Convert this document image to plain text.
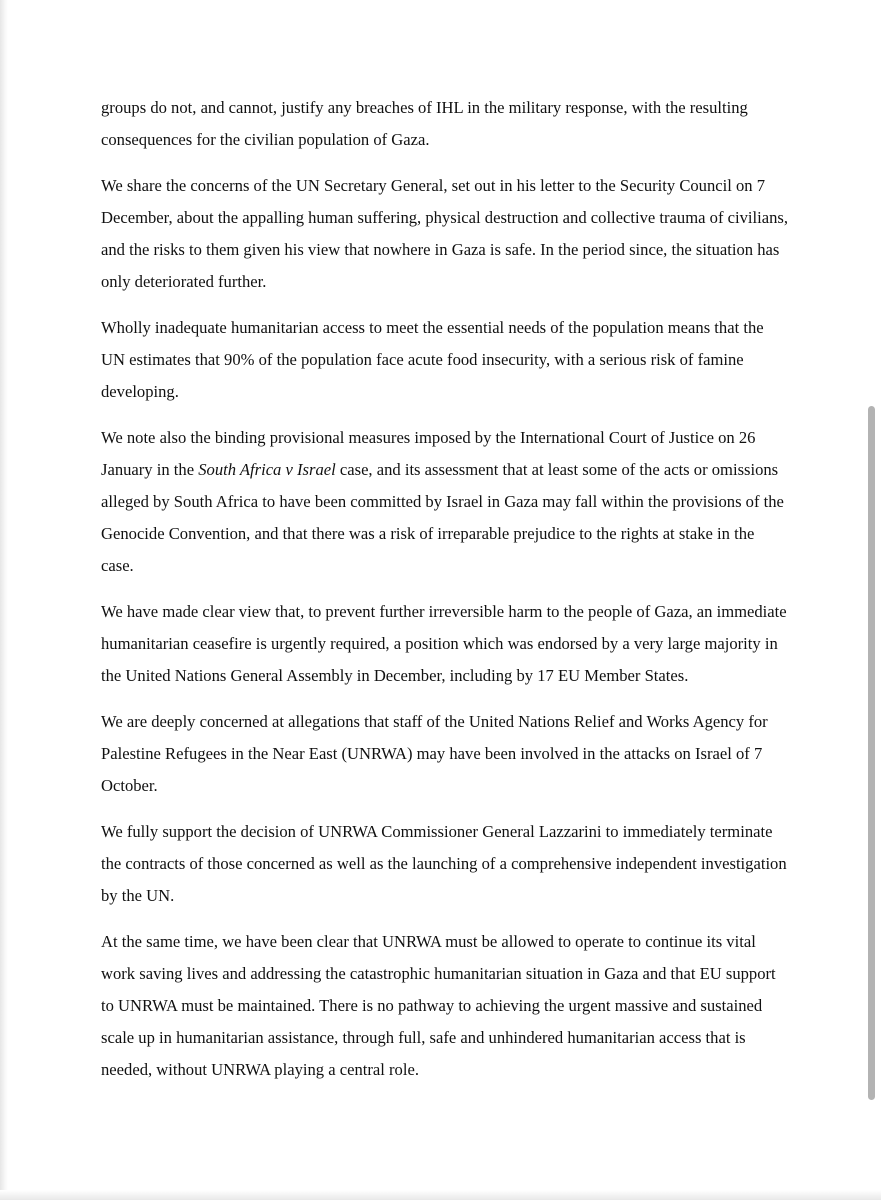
groups do not, and cannot, justify any breaches of IHL in the military response, with the resulting consequences for the civilian population of Gaza.

We share the concerns of the UN Secretary General, set out in his letter to the Security Council on 7 December, about the appalling human suffering, physical destruction and collective trauma of civilians, and the risks to them given his view that nowhere in Gaza is safe. In the period since, the situation has only deteriorated further.

Wholly inadequate humanitarian access to meet the essential needs of the population means that the UN estimates that 90% of the population face acute food insecurity, with a serious risk of famine developing.

We note also the binding provisional measures imposed by the International Court of Justice on 26 January in the South Africa v Israel case, and its assessment that at least some of the acts or omissions alleged by South Africa to have been committed by Israel in Gaza may fall within the provisions of the Genocide Convention, and that there was a risk of irreparable prejudice to the rights at stake in the case.

We have made clear view that, to prevent further irreversible harm to the people of Gaza, an immediate humanitarian ceasefire is urgently required, a position which was endorsed by a very large majority in the United Nations General Assembly in December, including by 17 EU Member States.

We are deeply concerned at allegations that staff of the United Nations Relief and Works Agency for Palestine Refugees in the Near East (UNRWA) may have been involved in the attacks on Israel of 7 October.

We fully support the decision of UNRWA Commissioner General Lazzarini to immediately terminate the contracts of those concerned as well as the launching of a comprehensive independent investigation by the UN.

At the same time, we have been clear that UNRWA must be allowed to operate to continue its vital work saving lives and addressing the catastrophic humanitarian situation in Gaza and that EU support to UNRWA must be maintained. There is no pathway to achieving the urgent massive and sustained scale up in humanitarian assistance, through full, safe and unhindered humanitarian access that is needed, without UNRWA playing a central role.
